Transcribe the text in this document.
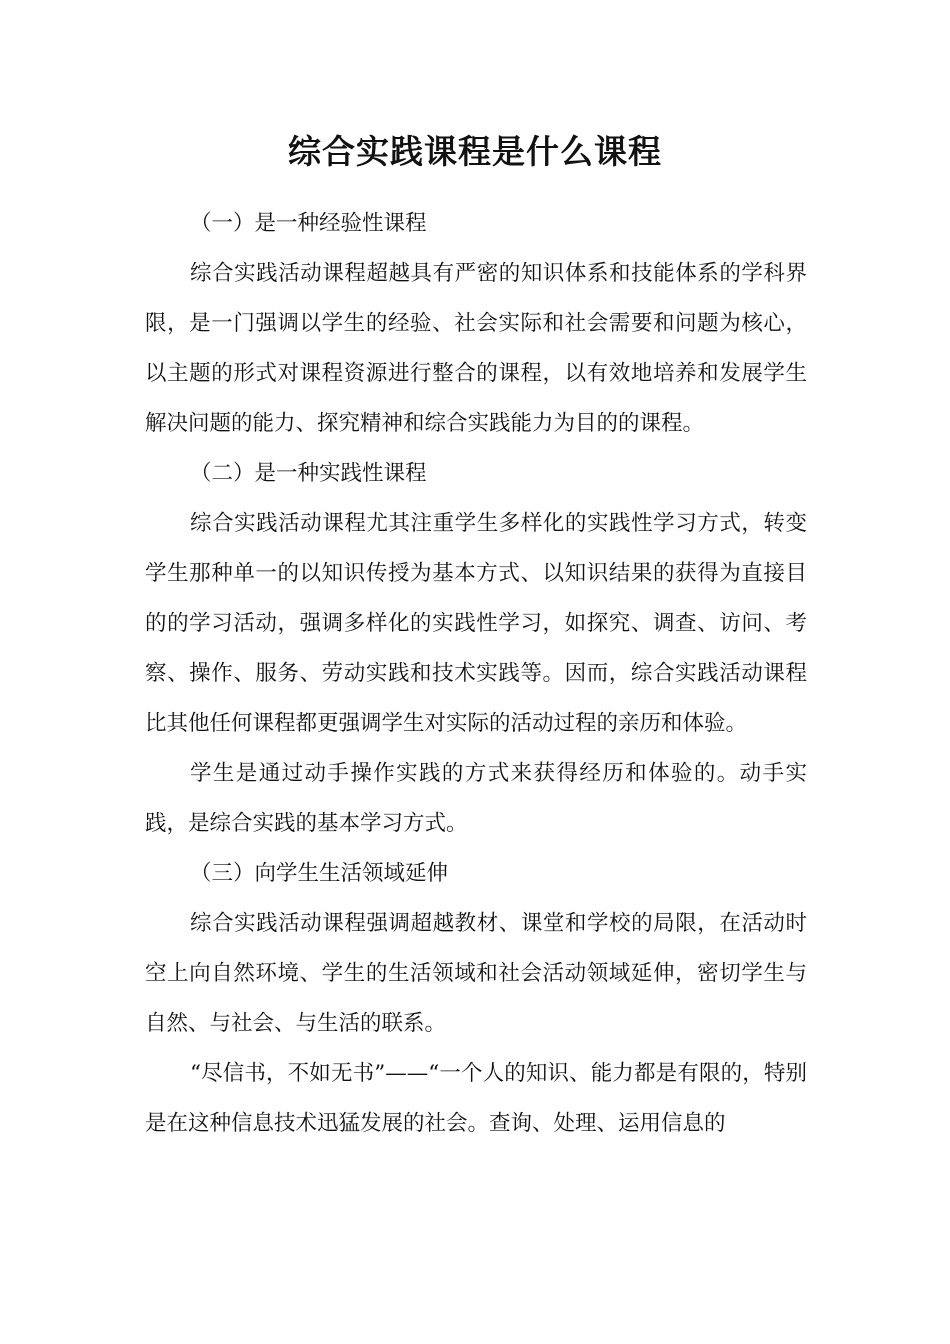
综合实践课程是什么课程

（一）是一种经验性课程

综合实践活动课程超越具有严密的知识体系和技能体系的学科界限，是一门强调以学生的经验、社会实际和社会需要和问题为核心，以主题的形式对课程资源进行整合的课程，以有效地培养和发展学生解决问题的能力、探究精神和综合实践能力为目的的课程。

（二）是一种实践性课程

综合实践活动课程尤其注重学生多样化的实践性学习方式，转变学生那种单一的以知识传授为基本方式、以知识结果的获得为直接目的的学习活动，强调多样化的实践性学习，如探究、调查、访问、考察、操作、服务、劳动实践和技术实践等。因而，综合实践活动课程比其他任何课程都更强调学生对实际的活动过程的亲历和体验。

学生是通过动手操作实践的方式来获得经历和体验的。动手实践，是综合实践的基本学习方式。

（三）向学生生活领域延伸

综合实践活动课程强调超越教材、课堂和学校的局限，在活动时空上向自然环境、学生的生活领域和社会活动领域延伸，密切学生与自然、与社会、与生活的联系。

“尽信书，不如无书”——“一个人的知识、能力都是有限的，特别是在这种信息技术迅猛发展的社会。查询、处理、运用信息的
